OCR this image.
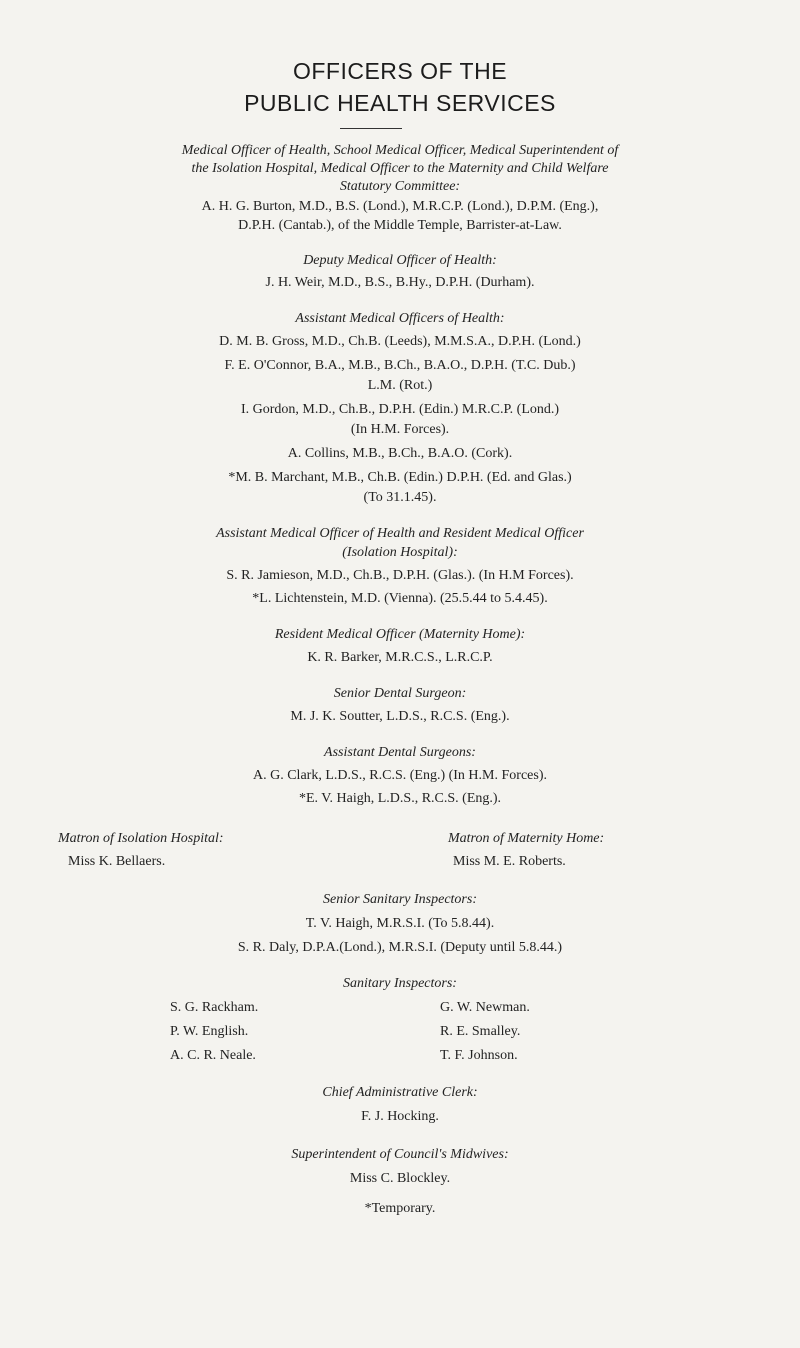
OFFICERS OF THE
PUBLIC HEALTH SERVICES
Medical Officer of Health, School Medical Officer, Medical Superintendent of
the Isolation Hospital, Medical Officer to the Maternity and Child Welfare
Statutory Committee:
A. H. G. Burton, M.D., B.S. (Lond.), M.R.C.P. (Lond.), D.P.M. (Eng.),
D.P.H. (Cantab.), of the Middle Temple, Barrister-at-Law.
Deputy Medical Officer of Health:
J. H. Weir, M.D., B.S., B.Hy., D.P.H. (Durham).
Assistant Medical Officers of Health:
D. M. B. Gross, M.D., Ch.B. (Leeds), M.M.S.A., D.P.H. (Lond.)
F. E. O'Connor, B.A., M.B., B.Ch., B.A.O., D.P.H. (T.C. Dub.)
L.M. (Rot.)
I. Gordon, M.D., Ch.B., D.P.H. (Edin.) M.R.C.P. (Lond.)
(In H.M. Forces).
A. Collins, M.B., B.Ch., B.A.O. (Cork).
*M. B. Marchant, M.B., Ch.B. (Edin.) D.P.H. (Ed. and Glas.)
(To 31.1.45).
Assistant Medical Officer of Health and Resident Medical Officer
(Isolation Hospital):
S. R. Jamieson, M.D., Ch.B., D.P.H. (Glas.). (In H.M Forces).
*L. Lichtenstein, M.D. (Vienna). (25.5.44 to 5.4.45).
Resident Medical Officer (Maternity Home):
K. R. Barker, M.R.C.S., L.R.C.P.
Senior Dental Surgeon:
M. J. K. Soutter, L.D.S., R.C.S. (Eng.).
Assistant Dental Surgeons:
A. G. Clark, L.D.S., R.C.S. (Eng.) (In H.M. Forces).
*E. V. Haigh, L.D.S., R.C.S. (Eng.).
Matron of Isolation Hospital:
Miss K. Bellaers.
Matron of Maternity Home:
Miss M. E. Roberts.
Senior Sanitary Inspectors:
T. V. Haigh, M.R.S.I. (To 5.8.44).
S. R. Daly, D.P.A.(Lond.), M.R.S.I. (Deputy until 5.8.44.)
Sanitary Inspectors:
S. G. Rackham.
P. W. English.
A. C. R. Neale.
G. W. Newman.
R. E. Smalley.
T. F. Johnson.
Chief Administrative Clerk:
F. J. Hocking.
Superintendent of Council's Midwives:
Miss C. Blockley.
*Temporary.
